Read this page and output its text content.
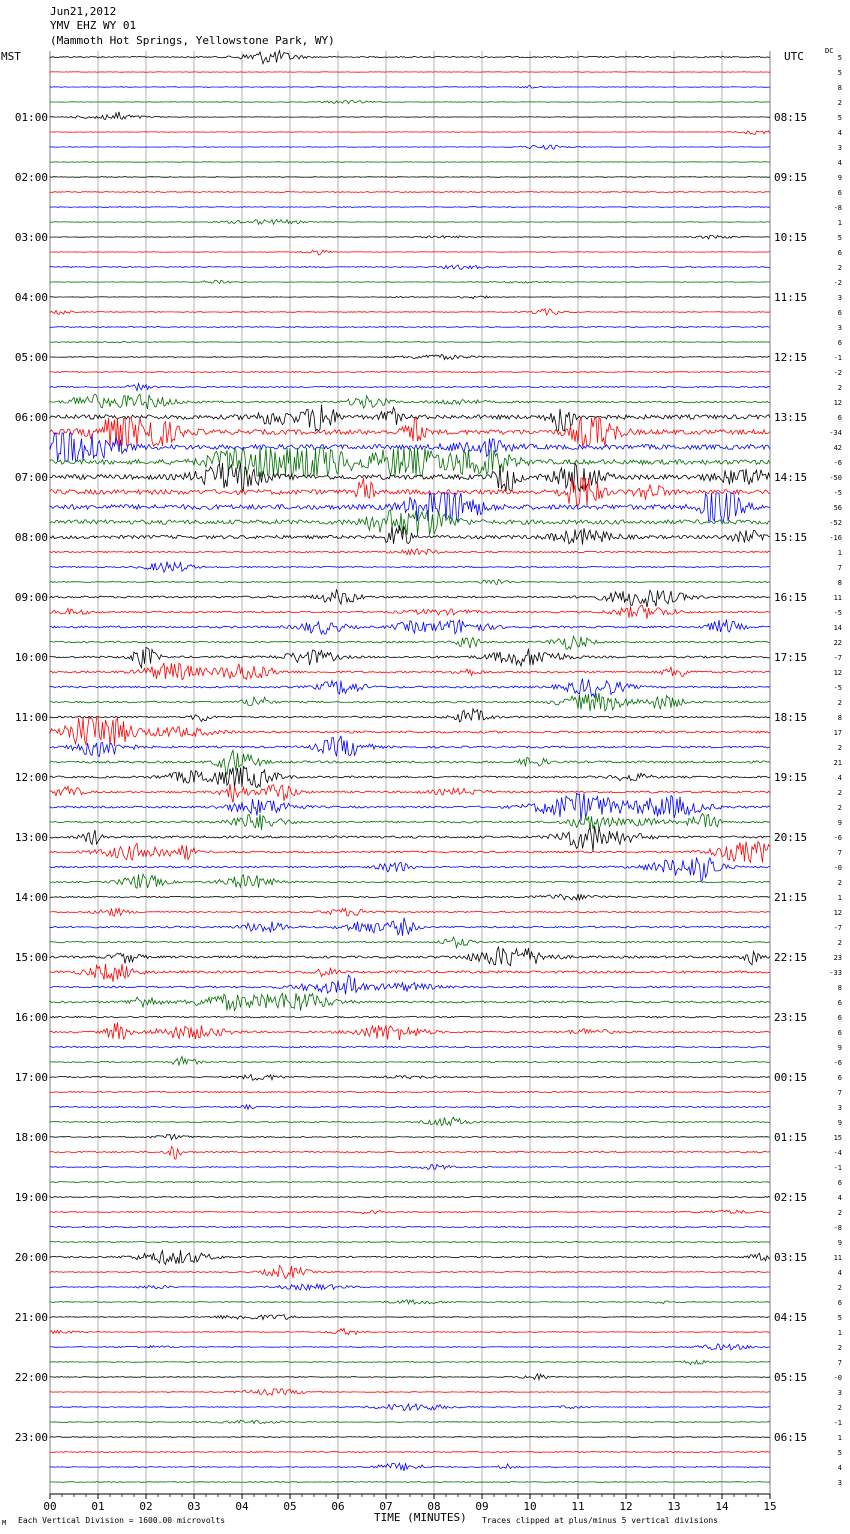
Jun21,2012
YMV EHZ WY 01
(Mammoth Hot Springs, Yellowstone Park, WY)
MST	UTC	DC
00	01	02	03	04	05	06	07	08	09	10	11	12	13	14	15
5
5
8
2
5
4
3
4
9
6
-8
1
5
6
2
-2
3
6
3
6
-1
-2
2
12
6
-34
42
-6
-50
-5
56
-52
-16
1
7
8
11
-5
14
22
-7
12
-5
2
8
17
2
21
4
2
2
9
-6
7
-0
2
1
12
-7
2
23
-33
8
6
6
6
9
-6
6
7
3
9
15
-4
-1
6
4
2
-8
9
11
4
2
6
5
1
2
7
-0
3
2
-1
1
5
4
3
01:00
02:00
03:00
04:00
05:00
06:00
07:00
08:00
09:00
10:00
11:00
12:00
13:00
14:00
15:00
16:00
17:00
18:00
19:00
20:00
21:00
22:00
23:00
08:15
09:15
10:15
11:15
12:15
13:15
14:15
15:15
16:15
17:15
18:15
19:15
20:15
21:15
22:15
23:15
00:15
01:15
02:15
03:15
04:15
05:15
06:15
M Each Vertical Division = 1600.00 microvolts	TIME (MINUTES) Traces clipped at plus/minus 5 vertical divisions
